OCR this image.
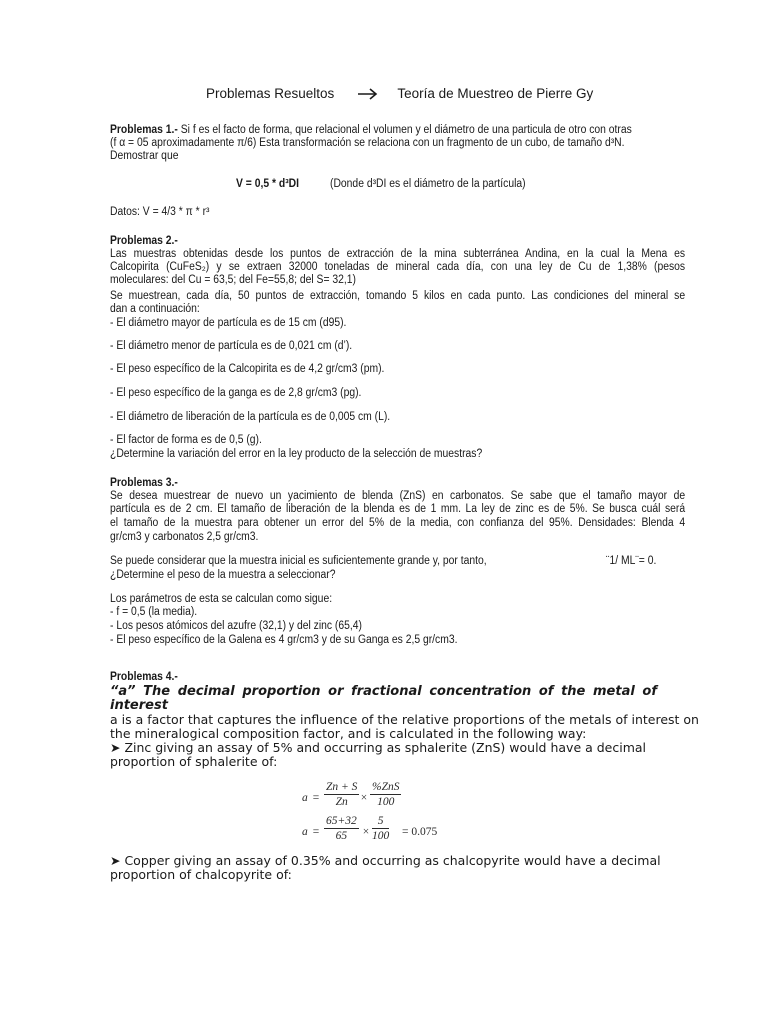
Problemas Resueltos	Teoría de Muestreo de Pierre Gy
Problemas 1.- Si f es el facto de forma, que relacional el volumen y el diámetro de una particula de otro con otras
(f α = 05 aproximadamente π/6) Esta transformación se relaciona con un fragmento de un cubo, de tamaño d³N.
Demostrar que
V = 0,5 * d³DI	(Donde d³DI es el diámetro de la partícula)
Datos: V = 4/3 * π * r³
Problemas 2.-
Las muestras obtenidas desde los puntos de extracción de la mina subterránea Andina, en la cual la Mena es
Calcopirita (CuFeS₂) y se extraen 32000 toneladas de mineral cada día, con una ley de Cu de 1,38% (pesos
moleculares: del Cu = 63,5; del Fe=55,8; del S= 32,1)
Se muestrean, cada día, 50 puntos de extracción, tomando 5 kilos en cada punto. Las condiciones del mineral se
dan a continuación:
- El diámetro mayor de partícula es de 15 cm (d95).
- El diámetro menor de partícula es de 0,021 cm (d’).
- El peso específico de la Calcopirita es de 4,2 gr/cm3 (pm).
- El peso específico de la ganga es de 2,8 gr/cm3 (pg).
- El diámetro de liberación de la partícula es de 0,005 cm (L).
- El factor de forma es de 0,5 (g).
¿Determine la variación del error en la ley producto de la selección de muestras?
Problemas 3.-
Se desea muestrear de nuevo un yacimiento de blenda (ZnS) en carbonatos. Se sabe que el tamaño mayor de
partícula es de 2 cm. El tamaño de liberación de la blenda es de 1 mm. La ley de zinc es de 5%. Se busca cuál será
el tamaño de la muestra para obtener un error del 5% de la media, con confianza del 95%. Densidades: Blenda 4
gr/cm3 y carbonatos 2,5 gr/cm3.
Se puede considerar que la muestra inicial es suficientemente grande y, por tanto,	¨1/ ML¨= 0.
¿Determine el peso de la muestra a seleccionar?
Los parámetros de esta se calculan como sigue:
- f = 0,5 (la media).
- Los pesos atómicos del azufre (32,1) y del zinc (65,4)
- El peso específico de la Galena es 4 gr/cm3 y de su Ganga es 2,5 gr/cm3.
Problemas 4.-
“a” The decimal proportion or fractional concentration of the metal of
interest
a is a factor that captures the influence of the relative proportions of the metals of interest on
the mineralogical composition factor, and is calculated in the following way:
➤ Zinc giving an assay of 5% and occurring as sphalerite (ZnS) would have a decimal
proportion of sphalerite of:
$a = \frac{Zn + S}{Zn}$ ×
%ZnS
100
$a = \frac{65+32}{65} \times \frac{5}{100} = 0.075$
➤ Copper giving an assay of 0.35% and occurring as chalcopyrite would have a decimal
proportion of chalcopyrite of:
